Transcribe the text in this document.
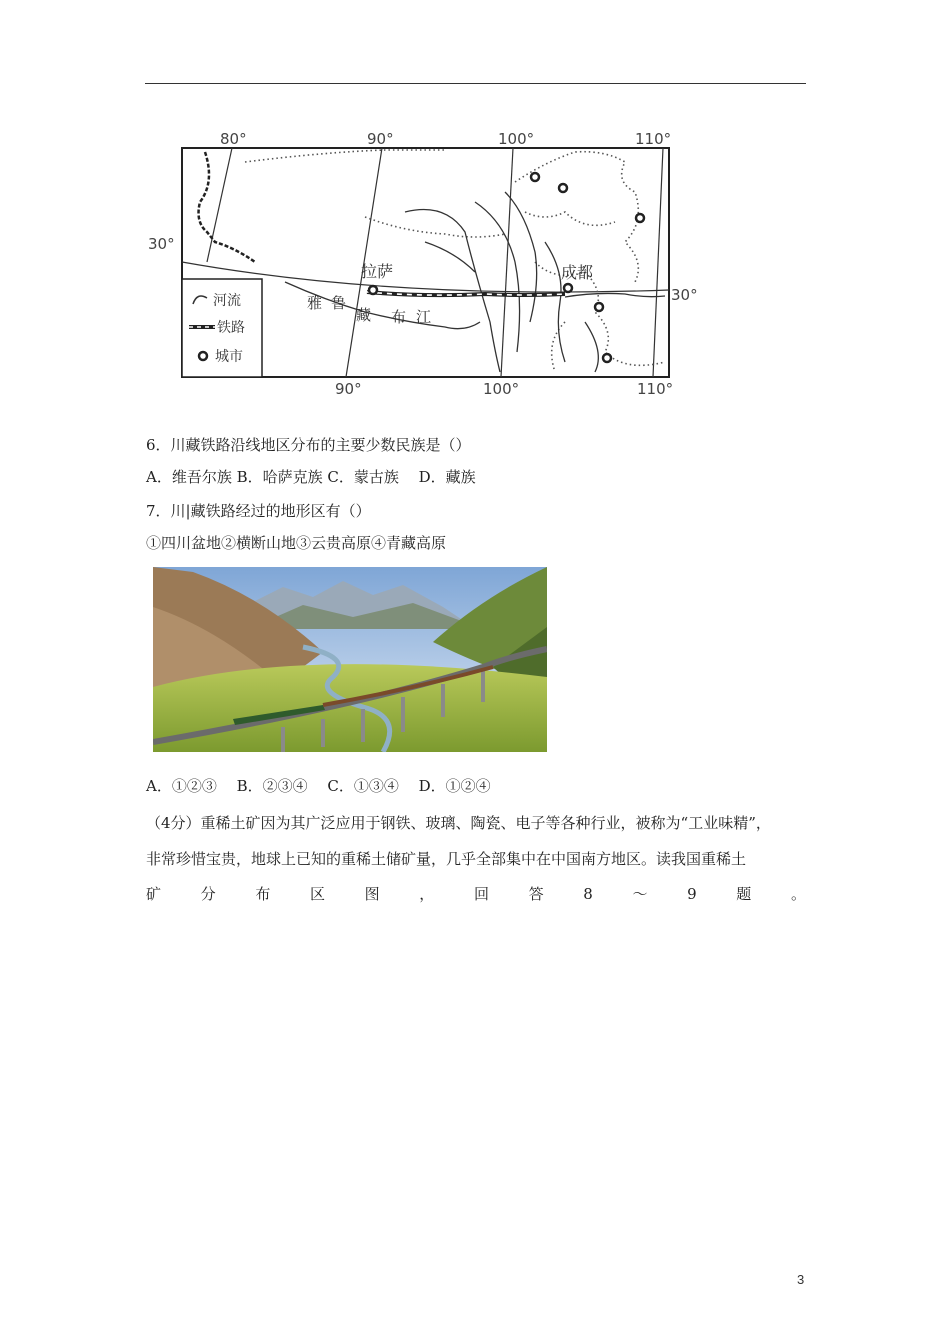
80°	90°	100°	110°
90°	100°	110°
30°
30°
拉萨	成都
雅 鲁
藏 布 江
河流
铁路
城市
6．川藏铁路沿线地区分布的主要少数民族是（）
A．维吾尔族 B．哈萨克族 C．蒙古族 　D．藏族
7．川|藏铁路经过的地形区有（）
①四川盆地②横断山地③云贵高原④青藏高原
A．①②③ 　B．②③④ 　C．①③④ 　D．①②④
（4分）重稀土矿因为其广泛应用于钢铁、玻璃、陶瓷、电子等各种行业，被称为“工业味精”，
非常珍惜宝贵，地球上已知的重稀土储矿量，几乎全部集中在中国南方地区。读我国重稀土
矿	分	布	区	图	，	回	答	8	～	9	题	。
3
